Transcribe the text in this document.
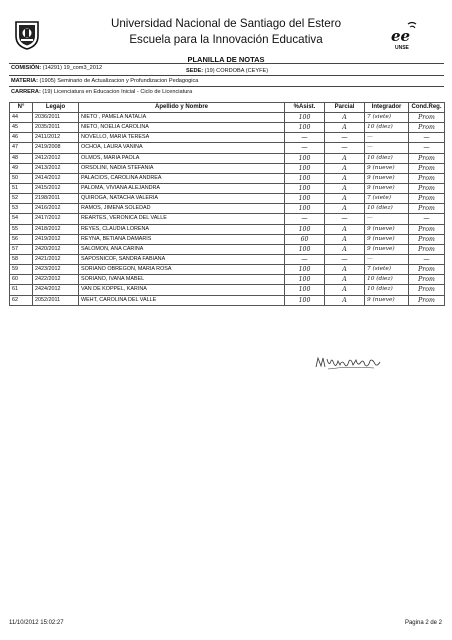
Universidad Nacional de Santiago del Estero
Escuela para la Innovación Educativa	ee
UNSE
PLANILLA DE NOTAS
COMISIÓN: (14291) 19_com3_2012	SEDE: (19) CORDOBA (CEYFE)
MATERIA: (1905) Seminario de Actualizacion y Profundizacion Pedagogica
CARRERA: (19) Licenciatura en Educacion Inicial - Ciclo de Licenciatura
N°	Legajo	Apellido y Nombre	%Asist.	Parcial	Integrador	Cond.Reg.
44	2036/2011	NIETO , PAMELA NATALIA	100	A	7 (siete)	Prom
45	2035/2011	NIETO, NOELIA CAROLINA	100	A	10 (diez)	Prom
46	2411/2012	NOVELLO, MARIA TERESA	—	—	—	—
47	2419/2008	OCHOA, LAURA VANINA	—	—	—	—
48	2412/2012	OLMOS, MARIA PAOLA	100	A	10 (diez)	Prom
49	2413/2012	ORSOLINI, NADIA STEFANIA	100	A	9 (nueve)	Prom
50	2414/2012	PALACIOS, CAROLINA ANDREA	100	A	9 (nueve)	Prom
51	2415/2012	PALOMA, VIVIANA ALEJANDRA	100	A	9 (nueve)	Prom
52	2198/2011	QUIROGA, NATACHA VALERIA	100	A	7 (siete)	Prom
53	2416/2012	RAMOS, JIMENA SOLEDAD	100	A	10 (diez)	Prom
54	2417/2012	REARTES, VERONICA DEL VALLE	—	—	—	—
55	2418/2012	REYES, CLAUDIA LORENA	100	A	9 (nueve)	Prom
56	2419/2012	REYNA, BETIANA DAMARIS	60	A	9 (nueve)	Prom
57	2420/2012	SALOMON, ANA CARINA	100	A	9 (nueve)	Prom
58	2421/2012	SAPOSNICOF, SANDRA FABIANA	—	—	—	—
59	2423/2012	SORIANO OBREGON, MARIA ROSA	100	A	7 (siete)	Prom
60	2422/2012	SORIANO, IVANA MABEL	100	A	10 (diez)	Prom
61	2424/2012	VAN DE KOPPEL, KARINA	100	A	10 (diez)	Prom
62	2052/2011	WEHT, CAROLINA DEL VALLE	100	A	9 (nueve)	Prom
11/10/2012 15:02:27	Pagina 2 de 2
